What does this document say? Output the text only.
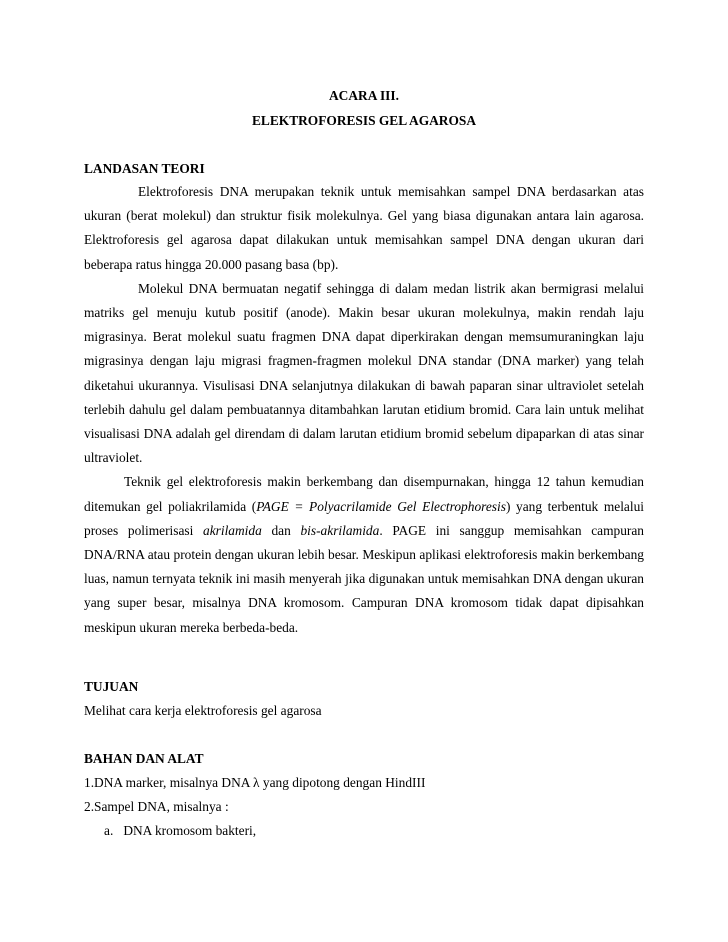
ACARA III.
ELEKTROFORESIS GEL AGAROSA

LANDASAN TEORI

Elektroforesis DNA merupakan teknik untuk memisahkan sampel DNA berdasarkan atas ukuran (berat molekul) dan struktur fisik molekulnya. Gel yang biasa digunakan antara lain agarosa. Elektroforesis gel agarosa dapat dilakukan untuk memisahkan sampel DNA dengan ukuran dari beberapa ratus hingga 20.000 pasang basa (bp).

Molekul DNA bermuatan negatif sehingga di dalam medan listrik akan bermigrasi melalui matriks gel menuju kutub positif (anode). Makin besar ukuran molekulnya, makin rendah laju migrasinya. Berat molekul suatu fragmen DNA dapat diperkirakan dengan memsumuraningkan laju migrasinya dengan laju migrasi fragmen-fragmen molekul DNA standar (DNA marker) yang telah diketahui ukurannya. Visulisasi DNA selanjutnya dilakukan di bawah paparan sinar ultraviolet setelah terlebih dahulu gel dalam pembuatannya ditambahkan larutan etidium bromid. Cara lain untuk melihat visualisasi DNA adalah gel direndam di dalam larutan etidium bromid sebelum dipaparkan di atas sinar ultraviolet.

Teknik gel elektroforesis makin berkembang dan disempurnakan, hingga 12 tahun kemudian ditemukan gel poliakrilamida (PAGE = Polyacrilamide Gel Electrophoresis) yang terbentuk melalui proses polimerisasi akrilamida dan bis-akrilamida. PAGE ini sanggup memisahkan campuran DNA/RNA atau protein dengan ukuran lebih besar. Meskipun aplikasi elektroforesis makin berkembang luas, namun ternyata teknik ini masih menyerah jika digunakan untuk memisahkan DNA dengan ukuran yang super besar, misalnya DNA kromosom. Campuran DNA kromosom tidak dapat dipisahkan meskipun ukuran mereka berbeda-beda.

TUJUAN

Melihat cara kerja elektroforesis gel agarosa

BAHAN DAN ALAT

1.DNA marker, misalnya DNA λ yang dipotong dengan HindIII

2.Sampel DNA, misalnya :

a. DNA kromosom bakteri,
